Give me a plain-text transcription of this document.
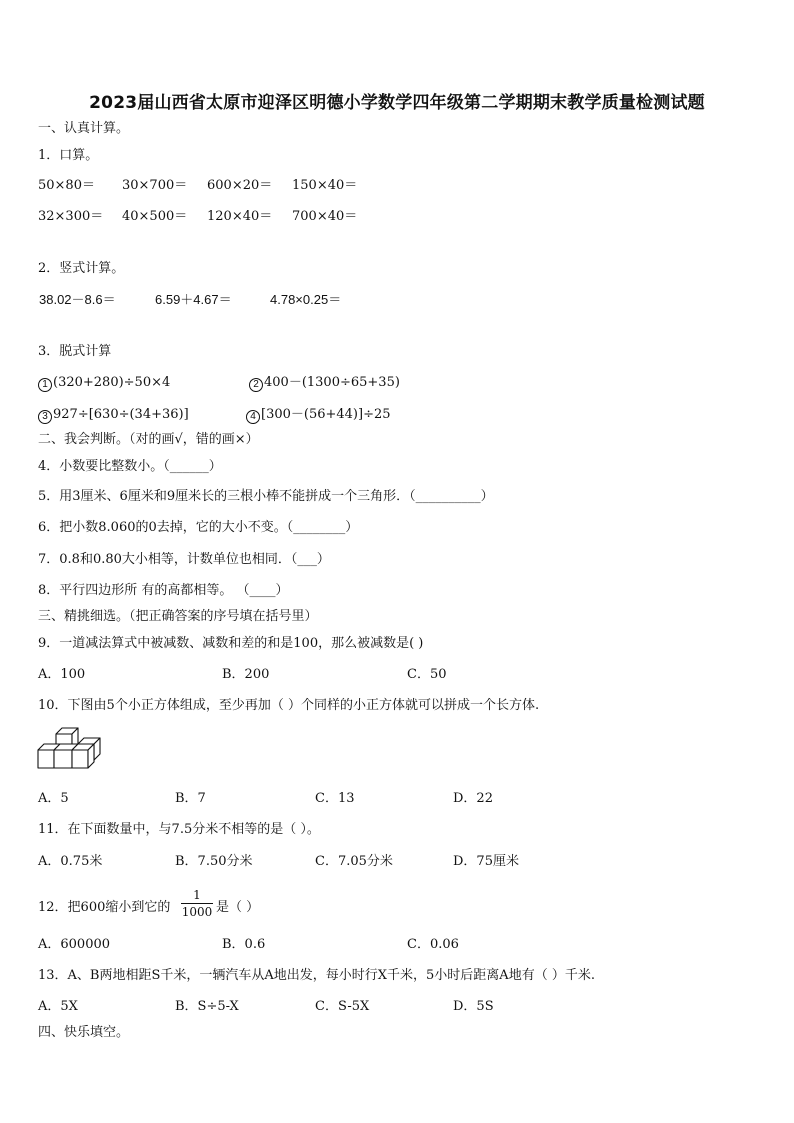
2023届山西省太原市迎泽区明德小学数学四年级第二学期期末教学质量检测试题
一、认真计算。
1．口算。
50×80＝ 30×700＝ 600×20＝ 150×40＝
32×300＝ 40×500＝ 120×40＝ 700×40＝
2．竖式计算。
38.02－8.6＝	6.59＋4.67＝	4.78×0.25＝
3．脱式计算
1 (320+280)÷50×4	2 400－(1300÷65+35)
3 927÷[630÷(34+36)]	4 [300－(56+44)]÷25
二、我会判断。（对的画√，错的画×）
4．小数要比整数小。（______）
5．用3厘米、6厘米和9厘米长的三根小棒不能拼成一个三角形．（__________）
6．把小数8.060的0去掉，它的大小不变。（________）
7．0.8和0.80大小相等，计数单位也相同．（___）
8．平行四边形所 有的高都相等。 （____）
三、精挑细选。（把正确答案的序号填在括号里）
9．一道减法算式中被减数、减数和差的和是100，那么被减数是( )
A．100	B．200	C．50
10．下图由5个小正方体组成，至少再加（ ）个同样的小正方体就可以拼成一个长方体.
A．5	B．7	C．13	D．22
11．在下面数量中，与7.5分米不相等的是（ ）。
A．0.75米	B．7.50分米	C．7.05分米	D．75厘米
12．把600缩小到它的
1
1000 是（ ）
A．600000	B．0.6	C．0.06
13．A、B两地相距S千米，一辆汽车从A地出发，每小时行X千米，5小时后距离A地有（ ）千米.
A．5X	B．S÷5-X	C．S-5X	D．5S
四、快乐填空。
